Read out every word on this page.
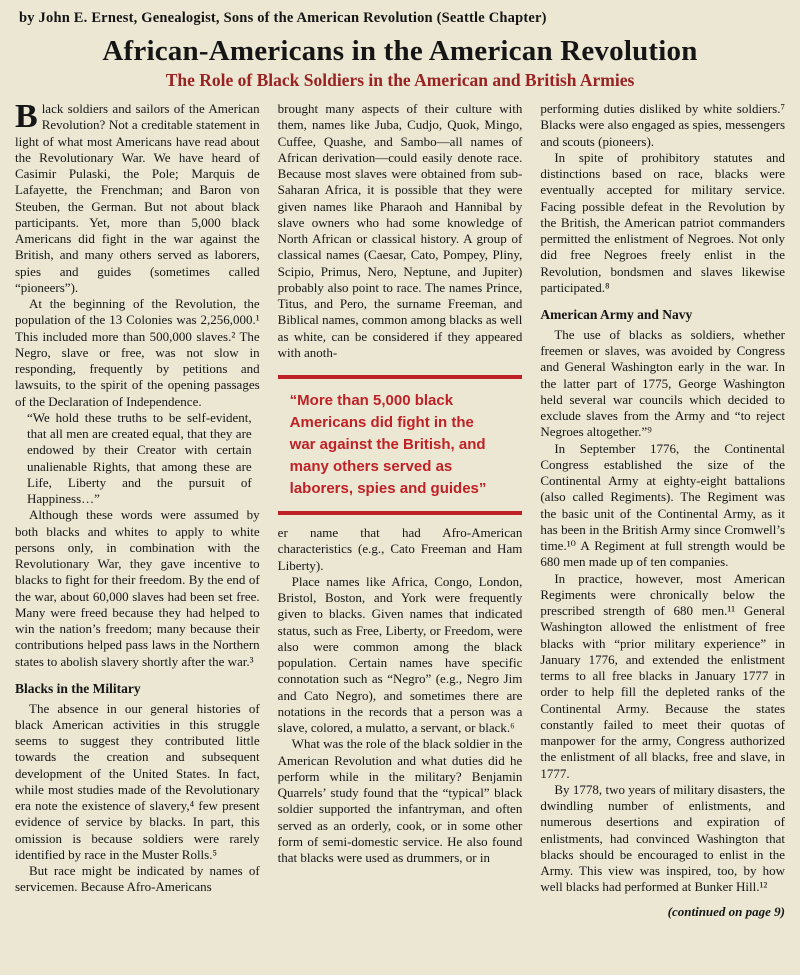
by John E. Ernest, Genealogist, Sons of the American Revolution (Seattle Chapter)
African-Americans in the American Revolution
The Role of Black Soldiers in the American and British Armies

Black soldiers and sailors of the American Revolution? Not a creditable statement in light of what most Americans have read about the Revolutionary War. We have heard of Casimir Pulaski, the Pole; Marquis de Lafayette, the Frenchman; and Baron von Steuben, the German. But not about black participants. Yet, more than 5,000 black Americans did fight in the war against the British, and many others served as laborers, spies and guides (sometimes called “pioneers”).

At the beginning of the Revolution, the population of the 13 Colonies was 2,256,000.¹ This included more than 500,000 slaves.² The Negro, slave or free, was not slow in responding, frequently by petitions and lawsuits, to the spirit of the opening passages of the Declaration of Independence.

“We hold these truths to be self-evident, that all men are created equal, that they are endowed by their Creator with certain unalienable Rights, that among these are Life, Liberty and the pursuit of Happiness…”

Although these words were assumed by both blacks and whites to apply to white persons only, in combination with the Revolutionary War, they gave incentive to blacks to fight for their freedom. By the end of the war, about 60,000 slaves had been set free. Many were freed because they had helped to win the nation’s freedom; many because their contributions helped pass laws in the Northern states to abolish slavery shortly after the war.³

Blacks in the Military

The absence in our general histories of black American activities in this struggle seems to suggest they contributed little towards the creation and subsequent development of the United States. In fact, while most studies made of the Revolutionary era note the existence of slavery,⁴ few present evidence of service by blacks. In part, this omission is because soldiers were rarely identified by race in the Muster Rolls.⁵

But race might be indicated by names of servicemen. Because Afro-Americans

brought many aspects of their culture with them, names like Juba, Cudjo, Quok, Mingo, Cuffee, Quashe, and Sambo—all names of African derivation—could easily denote race. Because most slaves were obtained from sub-Saharan Africa, it is possible that they were given names like Pharaoh and Hannibal by slave owners who had some knowledge of North African or classical history. A group of classical names (Caesar, Cato, Pompey, Pliny, Scipio, Primus, Nero, Neptune, and Jupiter) probably also point to race. The names Prince, Titus, and Pero, the surname Freeman, and Biblical names, common among blacks as well as white, can be considered if they appeared with anoth-

“More than 5,000 black Americans did fight in the war against the British, and many others served as laborers, spies and guides”

er name that had Afro-American characteristics (e.g., Cato Freeman and Ham Liberty).

Place names like Africa, Congo, London, Bristol, Boston, and York were frequently given to blacks. Given names that indicated status, such as Free, Liberty, or Freedom, were also were common among the black population. Certain names have specific connotation such as “Negro” (e.g., Negro Jim and Cato Negro), and sometimes there are notations in the records that a person was a slave, colored, a mulatto, a servant, or black.⁶

What was the role of the black soldier in the American Revolution and what duties did he perform while in the military? Benjamin Quarrels’ study found that the “typical” black soldier supported the infantryman, and often served as an orderly, cook, or in some other form of semi-domestic service. He also found that blacks were used as drummers, or in

performing duties disliked by white soldiers.⁷ Blacks were also engaged as spies, messengers and scouts (pioneers).

In spite of prohibitory statutes and distinctions based on race, blacks were eventually accepted for military service. Facing possible defeat in the Revolution by the British, the American patriot commanders permitted the enlistment of Negroes. Not only did free Negroes freely enlist in the Revolution, bondsmen and slaves likewise participated.⁸

American Army and Navy

The use of blacks as soldiers, whether freemen or slaves, was avoided by Congress and General Washington early in the war. In the latter part of 1775, George Washington held several war councils which decided to exclude slaves from the Army and “to reject Negroes altogether.”⁹

In September 1776, the Continental Congress established the size of the Continental Army at eighty-eight battalions (also called Regiments). The Regiment was the basic unit of the Continental Army, as it has been in the British Army since Cromwell’s time.¹⁰ A Regiment at full strength would be 680 men made up of ten companies.

In practice, however, most American Regiments were chronically below the prescribed strength of 680 men.¹¹ General Washington allowed the enlistment of free blacks with “prior military experience” in January 1776, and extended the enlistment terms to all free blacks in January 1777 in order to help fill the depleted ranks of the Continental Army. Because the states constantly failed to meet their quotas of manpower for the army, Congress authorized the enlistment of all blacks, free and slave, in 1777.

By 1778, two years of military disasters, the dwindling number of enlistments, and numerous desertions and expiration of enlistments, had convinced Washington that blacks should be encouraged to enlist in the Army. This view was inspired, too, by how well blacks had performed at Bunker Hill.¹²

(continued on page 9)
